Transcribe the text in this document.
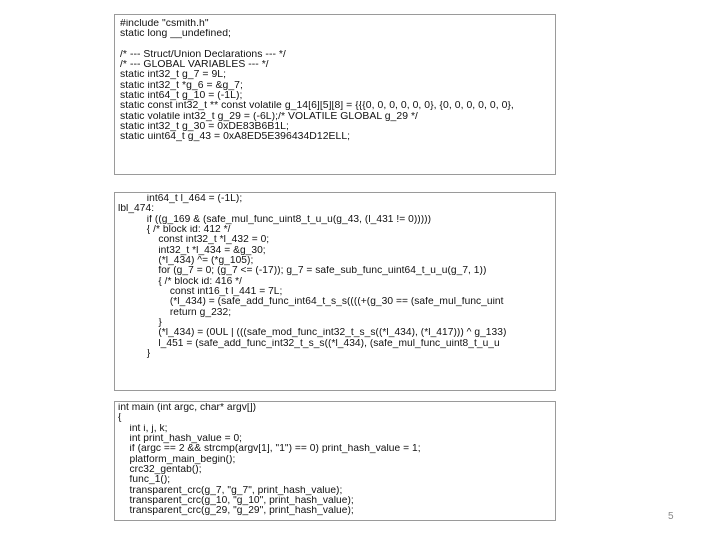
#include "csmith.h"
static long __undefined;

/* --- Struct/Union Declarations --- */
/* --- GLOBAL VARIABLES --- */
static int32_t g_7 = 9L;
static int32_t *g_6 = &g_7;
static int64_t g_10 = (-1L);
static const int32_t ** const volatile g_14[6][5][8] = {{{0, 0, 0, 0, 0, 0}, {0, 0, 0, 0, 0, 0},
static volatile int32_t g_29 = (-6L);/* VOLATILE GLOBAL g_29 */
static int32_t g_30 = 0xDE83B6B1L;
static uint64_t g_43 = 0xA8ED5E396434D12ELL;
int64_t l_464 = (-1L);
lbl_474:
if ((g_169 & (safe_mul_func_uint8_t_u_u(g_43, (l_431 != 0)))))
{ /* block id: 412 */
const int32_t *l_432 = 0;
int32_t *l_434 = &g_30;
(*l_434) ^= (*g_105);
for (g_7 = 0; (g_7 <= (-17)); g_7 = safe_sub_func_uint64_t_u_u(g_7, 1))
{ /* block id: 416 */
const int16_t l_441 = 7L;
(*l_434) = (safe_add_func_int64_t_s_s((((+(g_30 == (safe_mul_func_uint
return g_232;
}
(*l_434) = (0UL | (((safe_mod_func_int32_t_s_s((*l_434), (*l_417))) ^ g_133)
l_451 = (safe_add_func_int32_t_s_s((*l_434), (safe_mul_func_uint8_t_u_u
}
int main (int argc, char* argv[])
{
int i, j, k;
int print_hash_value = 0;
if (argc == 2 && strcmp(argv[1], "1") == 0) print_hash_value = 1;
platform_main_begin();
crc32_gentab();
func_1();
transparent_crc(g_7, "g_7", print_hash_value);
transparent_crc(g_10, "g_10", print_hash_value);
transparent_crc(g_29, "g_29", print_hash_value);
5
